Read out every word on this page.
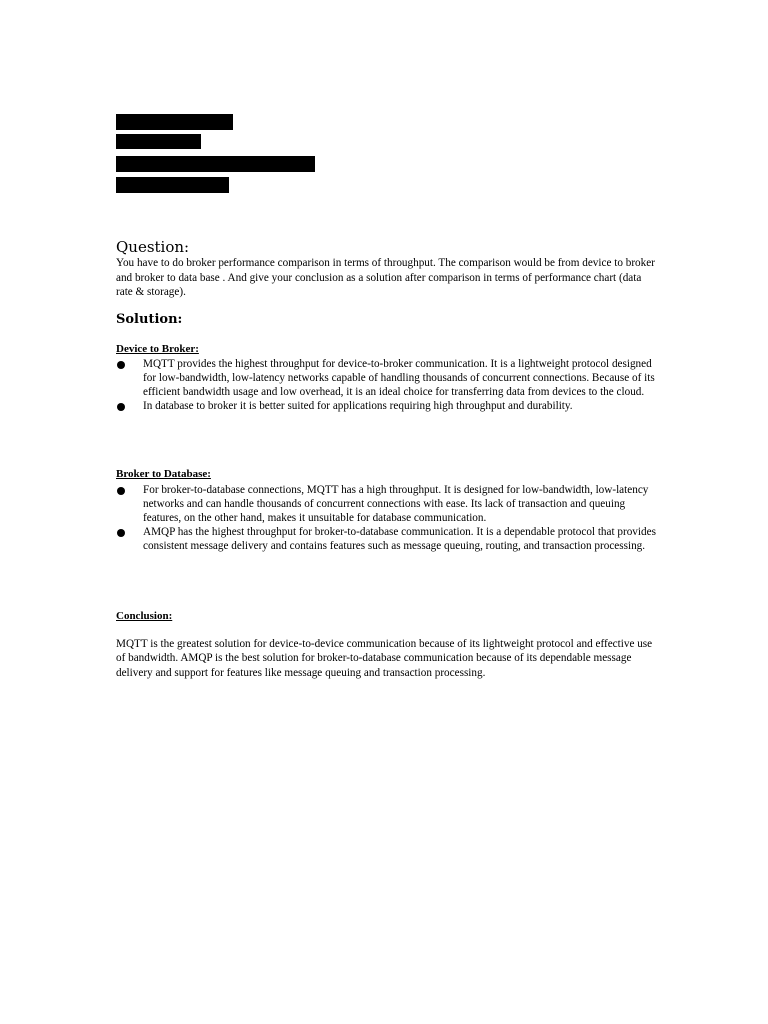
Question:
You have to do broker performance comparison in terms of throughput. The comparison would be from device to broker and broker to data base . And give your conclusion as a solution after comparison in terms of performance chart (data rate & storage).
Solution:
Device to Broker:
MQTT provides the highest throughput for device-to-broker communication. It is a lightweight protocol designed for low-bandwidth, low-latency networks capable of handling thousands of concurrent connections. Because of its efficient bandwidth usage and low overhead, it is an ideal choice for transferring data from devices to the cloud.
In database to broker it is better suited for applications requiring high throughput and durability.
Broker to Database:
For broker-to-database connections, MQTT has a high throughput. It is designed for low-bandwidth, low-latency networks and can handle thousands of concurrent connections with ease. Its lack of transaction and queuing features, on the other hand, makes it unsuitable for database communication.
AMQP has the highest throughput for broker-to-database communication. It is a dependable protocol that provides consistent message delivery and contains features such as message queuing, routing, and transaction processing.
Conclusion:
MQTT is the greatest solution for device-to-device communication because of its lightweight protocol and effective use of bandwidth. AMQP is the best solution for broker-to-database communication because of its dependable message delivery and support for features like message queuing and transaction processing.
